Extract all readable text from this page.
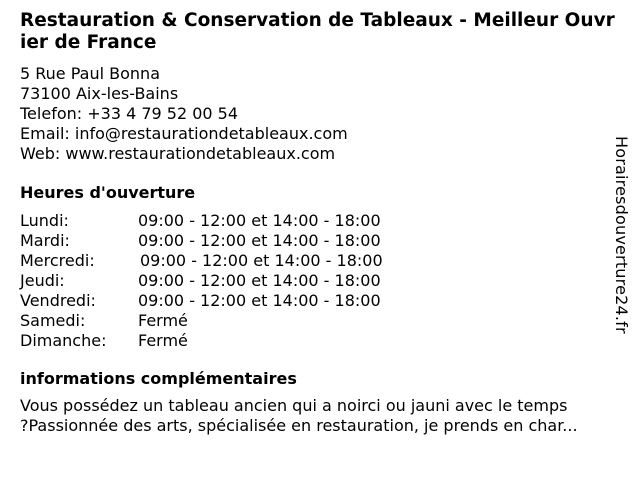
Restauration & Conservation de Tableaux - Meilleur Ouvrier de France
5 Rue Paul Bonna
73100 Aix-les-Bains
Telefon: +33 4 79 52 00 54
Email: info@restaurationdetableaux.com
Web: www.restaurationdetableaux.com
Heures d'ouverture
Lundi:	09:00 - 12:00 et 14:00 - 18:00
Mardi:	09:00 - 12:00 et 14:00 - 18:00
Mercredi:	09:00 - 12:00 et 14:00 - 18:00
Jeudi:	09:00 - 12:00 et 14:00 - 18:00
Vendredi:	09:00 - 12:00 et 14:00 - 18:00
Samedi:	Fermé
Dimanche:	Fermé
informations complémentaires
Vous possédez un tableau ancien qui a noirci ou jauni avec le temps
?Passionnée des arts, spécialisée en restauration, je prends en char...
Horairesdouverture24.fr
